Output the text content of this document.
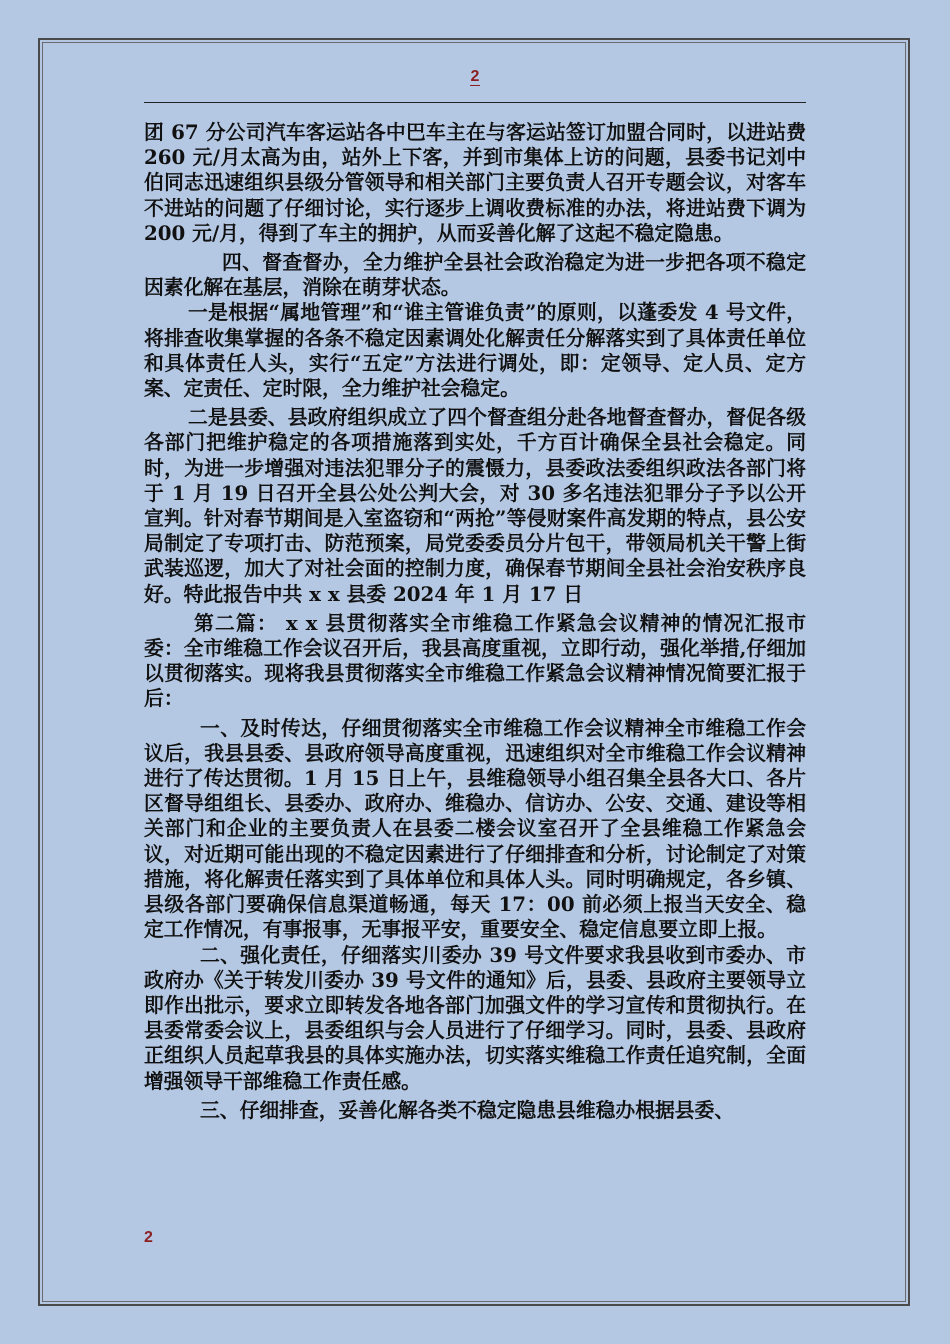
2

团 67 分公司汽车客运站各中巴车主在与客运站签订加盟合同时，以进站费 260 元/月太高为由，站外上下客，并到市集体上访的问题，县委书记刘中伯同志迅速组织县级分管领导和相关部门主要负责人召开专题会议，对客车不进站的问题了仔细讨论，实行逐步上调收费标准的办法，将进站费下调为 200 元/月，得到了车主的拥护，从而妥善化解了这起不稳定隐患。

四、督查督办，全力维护全县社会政治稳定为进一步把各项不稳定因素化解在基层，消除在萌芽状态。

一是根据“属地管理”和“谁主管谁负责”的原则，以蓬委发 4 号文件，将排查收集掌握的各条不稳定因素调处化解责任分解落实到了具体责任单位和具体责任人头，实行“五定”方法进行调处，即：定领导、定人员、定方案、定责任、定时限，全力维护社会稳定。

二是县委、县政府组织成立了四个督查组分赴各地督查督办，督促各级各部门把维护稳定的各项措施落到实处，千方百计确保全县社会稳定。同时，为进一步增强对违法犯罪分子的震慑力，县委政法委组织政法各部门将于 1 月 19 日召开全县公处公判大会，对 30 多名违法犯罪分子予以公开宣判。针对春节期间是入室盗窃和“两抢”等侵财案件高发期的特点，县公安局制定了专项打击、防范预案，局党委委员分片包干，带领局机关干警上街武装巡逻，加大了对社会面的控制力度，确保春节期间全县社会治安秩序良好。特此报告中共 x x 县委 2024 年 1 月 17 日

第二篇： x x 县贯彻落实全市维稳工作紧急会议精神的情况汇报市委：全市维稳工作会议召开后，我县高度重视，立即行动，强化举措,仔细加以贯彻落实。现将我县贯彻落实全市维稳工作紧急会议精神情况简要汇报于后：

一、及时传达，仔细贯彻落实全市维稳工作会议精神全市维稳工作会议后，我县县委、县政府领导高度重视，迅速组织对全市维稳工作会议精神进行了传达贯彻。1 月 15 日上午，县维稳领导小组召集全县各大口、各片区督导组组长、县委办、政府办、维稳办、信访办、公安、交通、建设等相关部门和企业的主要负责人在县委二楼会议室召开了全县维稳工作紧急会议，对近期可能出现的不稳定因素进行了仔细排查和分析，讨论制定了对策措施，将化解责任落实到了具体单位和具体人头。同时明确规定，各乡镇、县级各部门要确保信息渠道畅通，每天 17：00 前必须上报当天安全、稳定工作情况，有事报事，无事报平安，重要安全、稳定信息要立即上报。

二、强化责任，仔细落实川委办 39 号文件要求我县收到市委办、市政府办《关于转发川委办 39 号文件的通知》后，县委、县政府主要领导立即作出批示，要求立即转发各地各部门加强文件的学习宣传和贯彻执行。在县委常委会议上，县委组织与会人员进行了仔细学习。同时，县委、县政府正组织人员起草我县的具体实施办法，切实落实维稳工作责任追究制，全面增强领导干部维稳工作责任感。

三、仔细排查，妥善化解各类不稳定隐患县维稳办根据县委、

2
